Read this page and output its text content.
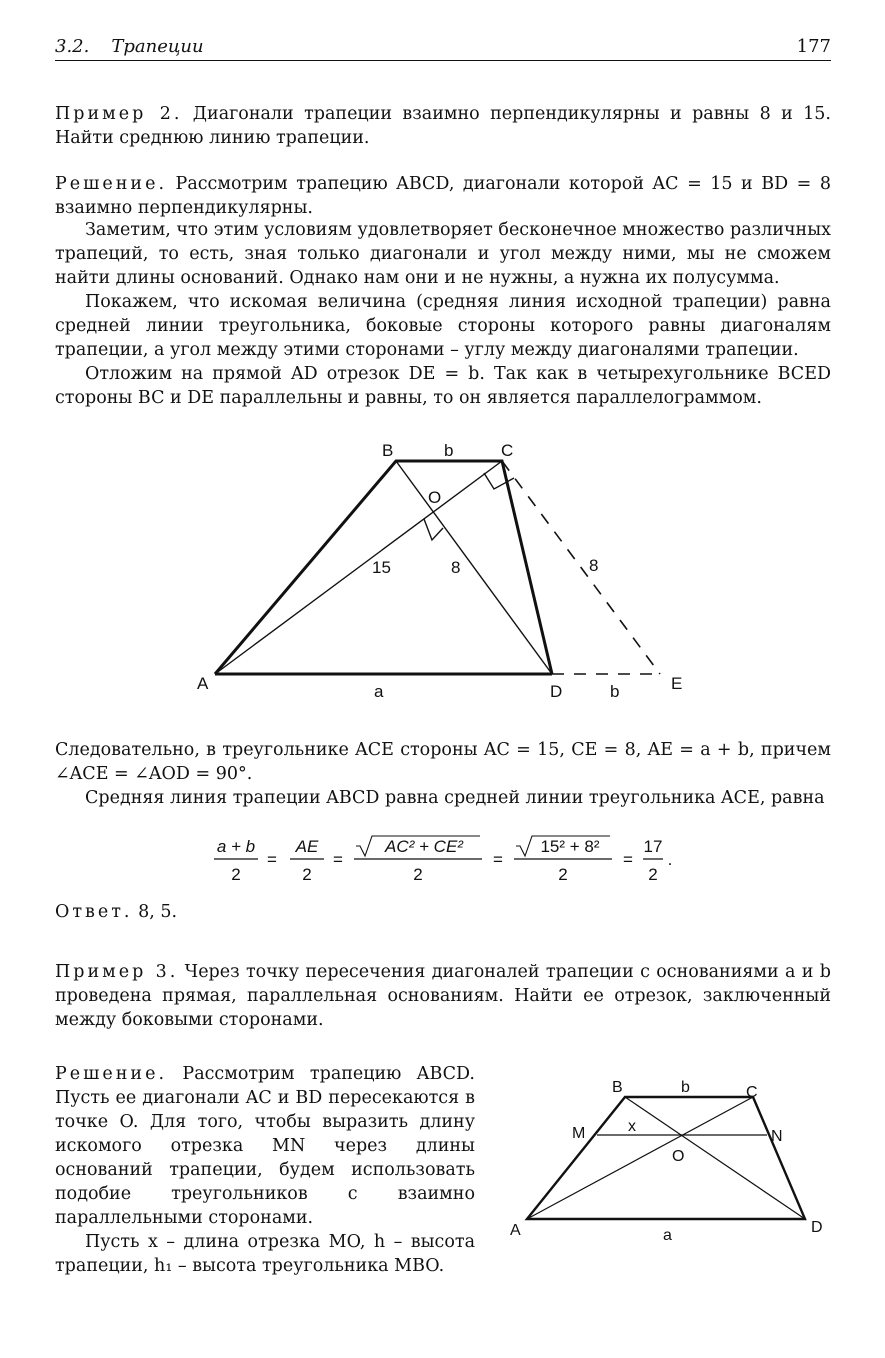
3.2. Трапеции	177
Пример 2. Диагонали трапеции взаимно перпендикулярны и равны 8 и 15. Найти среднюю линию трапеции.
Решение. Рассмотрим трапецию ABCD, диагонали которой AC = 15 и BD = 8 взаимно перпендикулярны.
Заметим, что этим условиям удовлетворяет бесконечное множество различных трапеций, то есть, зная только диагонали и угол между ними, мы не сможем найти длины оснований. Однако нам они и не нужны, а нужна их полусумма.
Покажем, что искомая величина (средняя линия исходной трапеции) равна средней линии треугольника, боковые стороны которого равны диагоналям трапеции, а угол между этими сторонами – углу между диагоналями трапеции.
Отложим на прямой AD отрезок DE = b. Так как в четырехугольнике BCED стороны BC и DE параллельны и равны, то он является параллелограммом.
B	b	C
O
15	8	8
A	a	D	b	E
Следовательно, в треугольнике ACE стороны AC = 15, CE = 8, AE = a + b, причем ∠ACE = ∠AOD = 90°.
Средняя линия трапеции ABCD равна средней линии треугольника ACE, равна
a + b
2
=
AE
2
=
AC² + CE²
2
=
15² + 8²
2
=
17
2
.
Ответ. 8, 5.
Пример 3. Через точку пересечения диагоналей трапеции с основаниями a и b проведена прямая, параллельная основаниям. Найти ее отрезок, заключенный между боковыми сторонами.
Решение. Рассмотрим трапецию ABCD. Пусть ее диагонали AC и BD пересекаются в точке O. Для того, чтобы выразить длину искомого отрезка MN через длины оснований трапеции, будем использовать подобие треугольников с взаимно параллельными сторонами.
Пусть x – длина отрезка MO, h – высота трапеции, h₁ – высота треугольника MBO.
B	b	C
M	x
N
O
A	a	D
